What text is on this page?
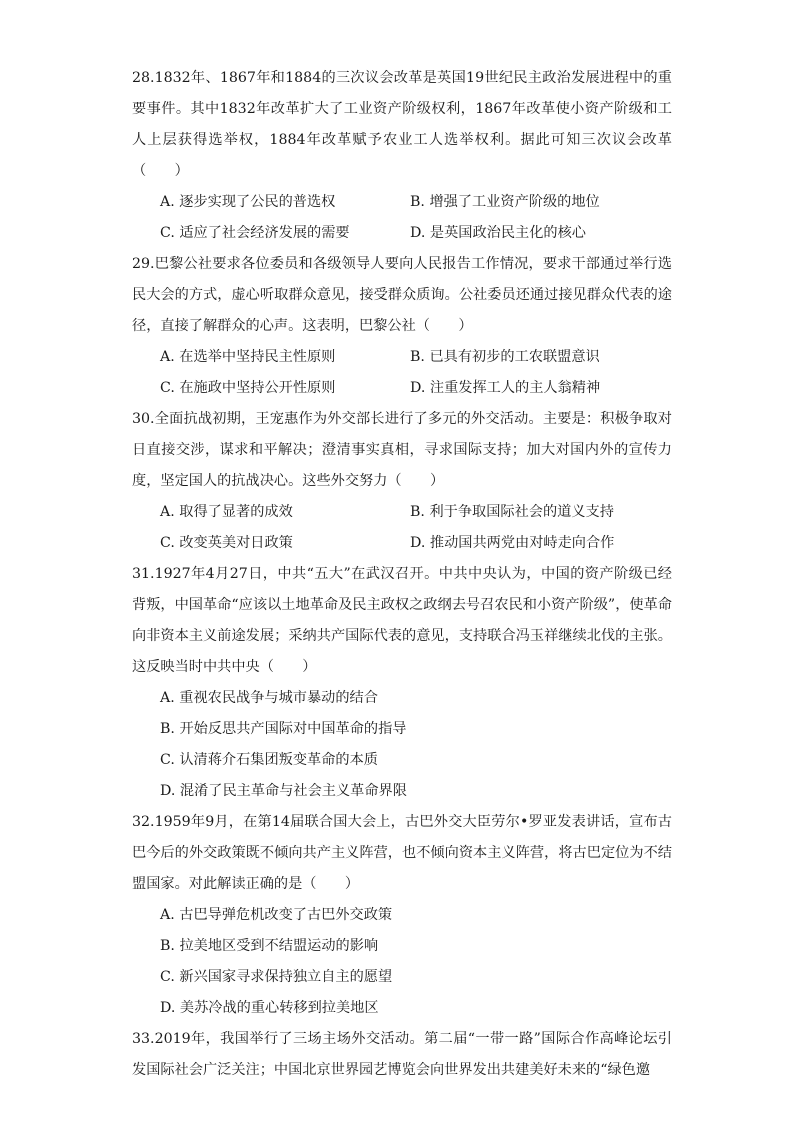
28.1832年、1867年和1884的三次议会改革是英国19世纪民主政治发展进程中的重要事件。其中1832年改革扩大了工业资产阶级权利，1867年改革使小资产阶级和工人上层获得选举权，1884年改革赋予农业工人选举权利。据此可知三次议会改革（　　）

A. 逐步实现了公民的普选权	B. 增强了工业资产阶级的地位
C. 适应了社会经济发展的需要	D. 是英国政治民主化的核心

29.巴黎公社要求各位委员和各级领导人要向人民报告工作情况，要求干部通过举行选民大会的方式，虚心听取群众意见，接受群众质询。公社委员还通过接见群众代表的途径，直接了解群众的心声。这表明，巴黎公社（　　）

A. 在选举中坚持民主性原则	B. 已具有初步的工农联盟意识
C. 在施政中坚持公开性原则	D. 注重发挥工人的主人翁精神

30.全面抗战初期，王宠惠作为外交部长进行了多元的外交活动。主要是：积极争取对日直接交涉，谋求和平解决；澄清事实真相，寻求国际支持；加大对国内外的宣传力度，坚定国人的抗战决心。这些外交努力（　　）

A. 取得了显著的成效	B. 利于争取国际社会的道义支持
C. 改变英美对日政策	D. 推动国共两党由对峙走向合作

31.1927年4月27日，中共“五大”在武汉召开。中共中央认为，中国的资产阶级已经背叛，中国革命“应该以土地革命及民主政权之政纲去号召农民和小资产阶级”，使革命向非资本主义前途发展；采纳共产国际代表的意见，支持联合冯玉祥继续北伐的主张。这反映当时中共中央（　　）

A. 重视农民战争与城市暴动的结合
B. 开始反思共产国际对中国革命的指导
C. 认清蒋介石集团叛变革命的本质
D. 混淆了民主革命与社会主义革命界限

32.1959年9月，在第14届联合国大会上，古巴外交大臣劳尔•罗亚发表讲话，宣布古巴今后的外交政策既不倾向共产主义阵营，也不倾向资本主义阵营，将古巴定位为不结盟国家。对此解读正确的是（　　）

A. 古巴导弹危机改变了古巴外交政策
B. 拉美地区受到不结盟运动的影响
C. 新兴国家寻求保持独立自主的愿望
D. 美苏冷战的重心转移到拉美地区

33.2019年，我国举行了三场主场外交活动。第二届“一带一路”国际合作高峰论坛引发国际社会广泛关注；中国北京世界园艺博览会向世界发出共建美好未来的“绿色邀
